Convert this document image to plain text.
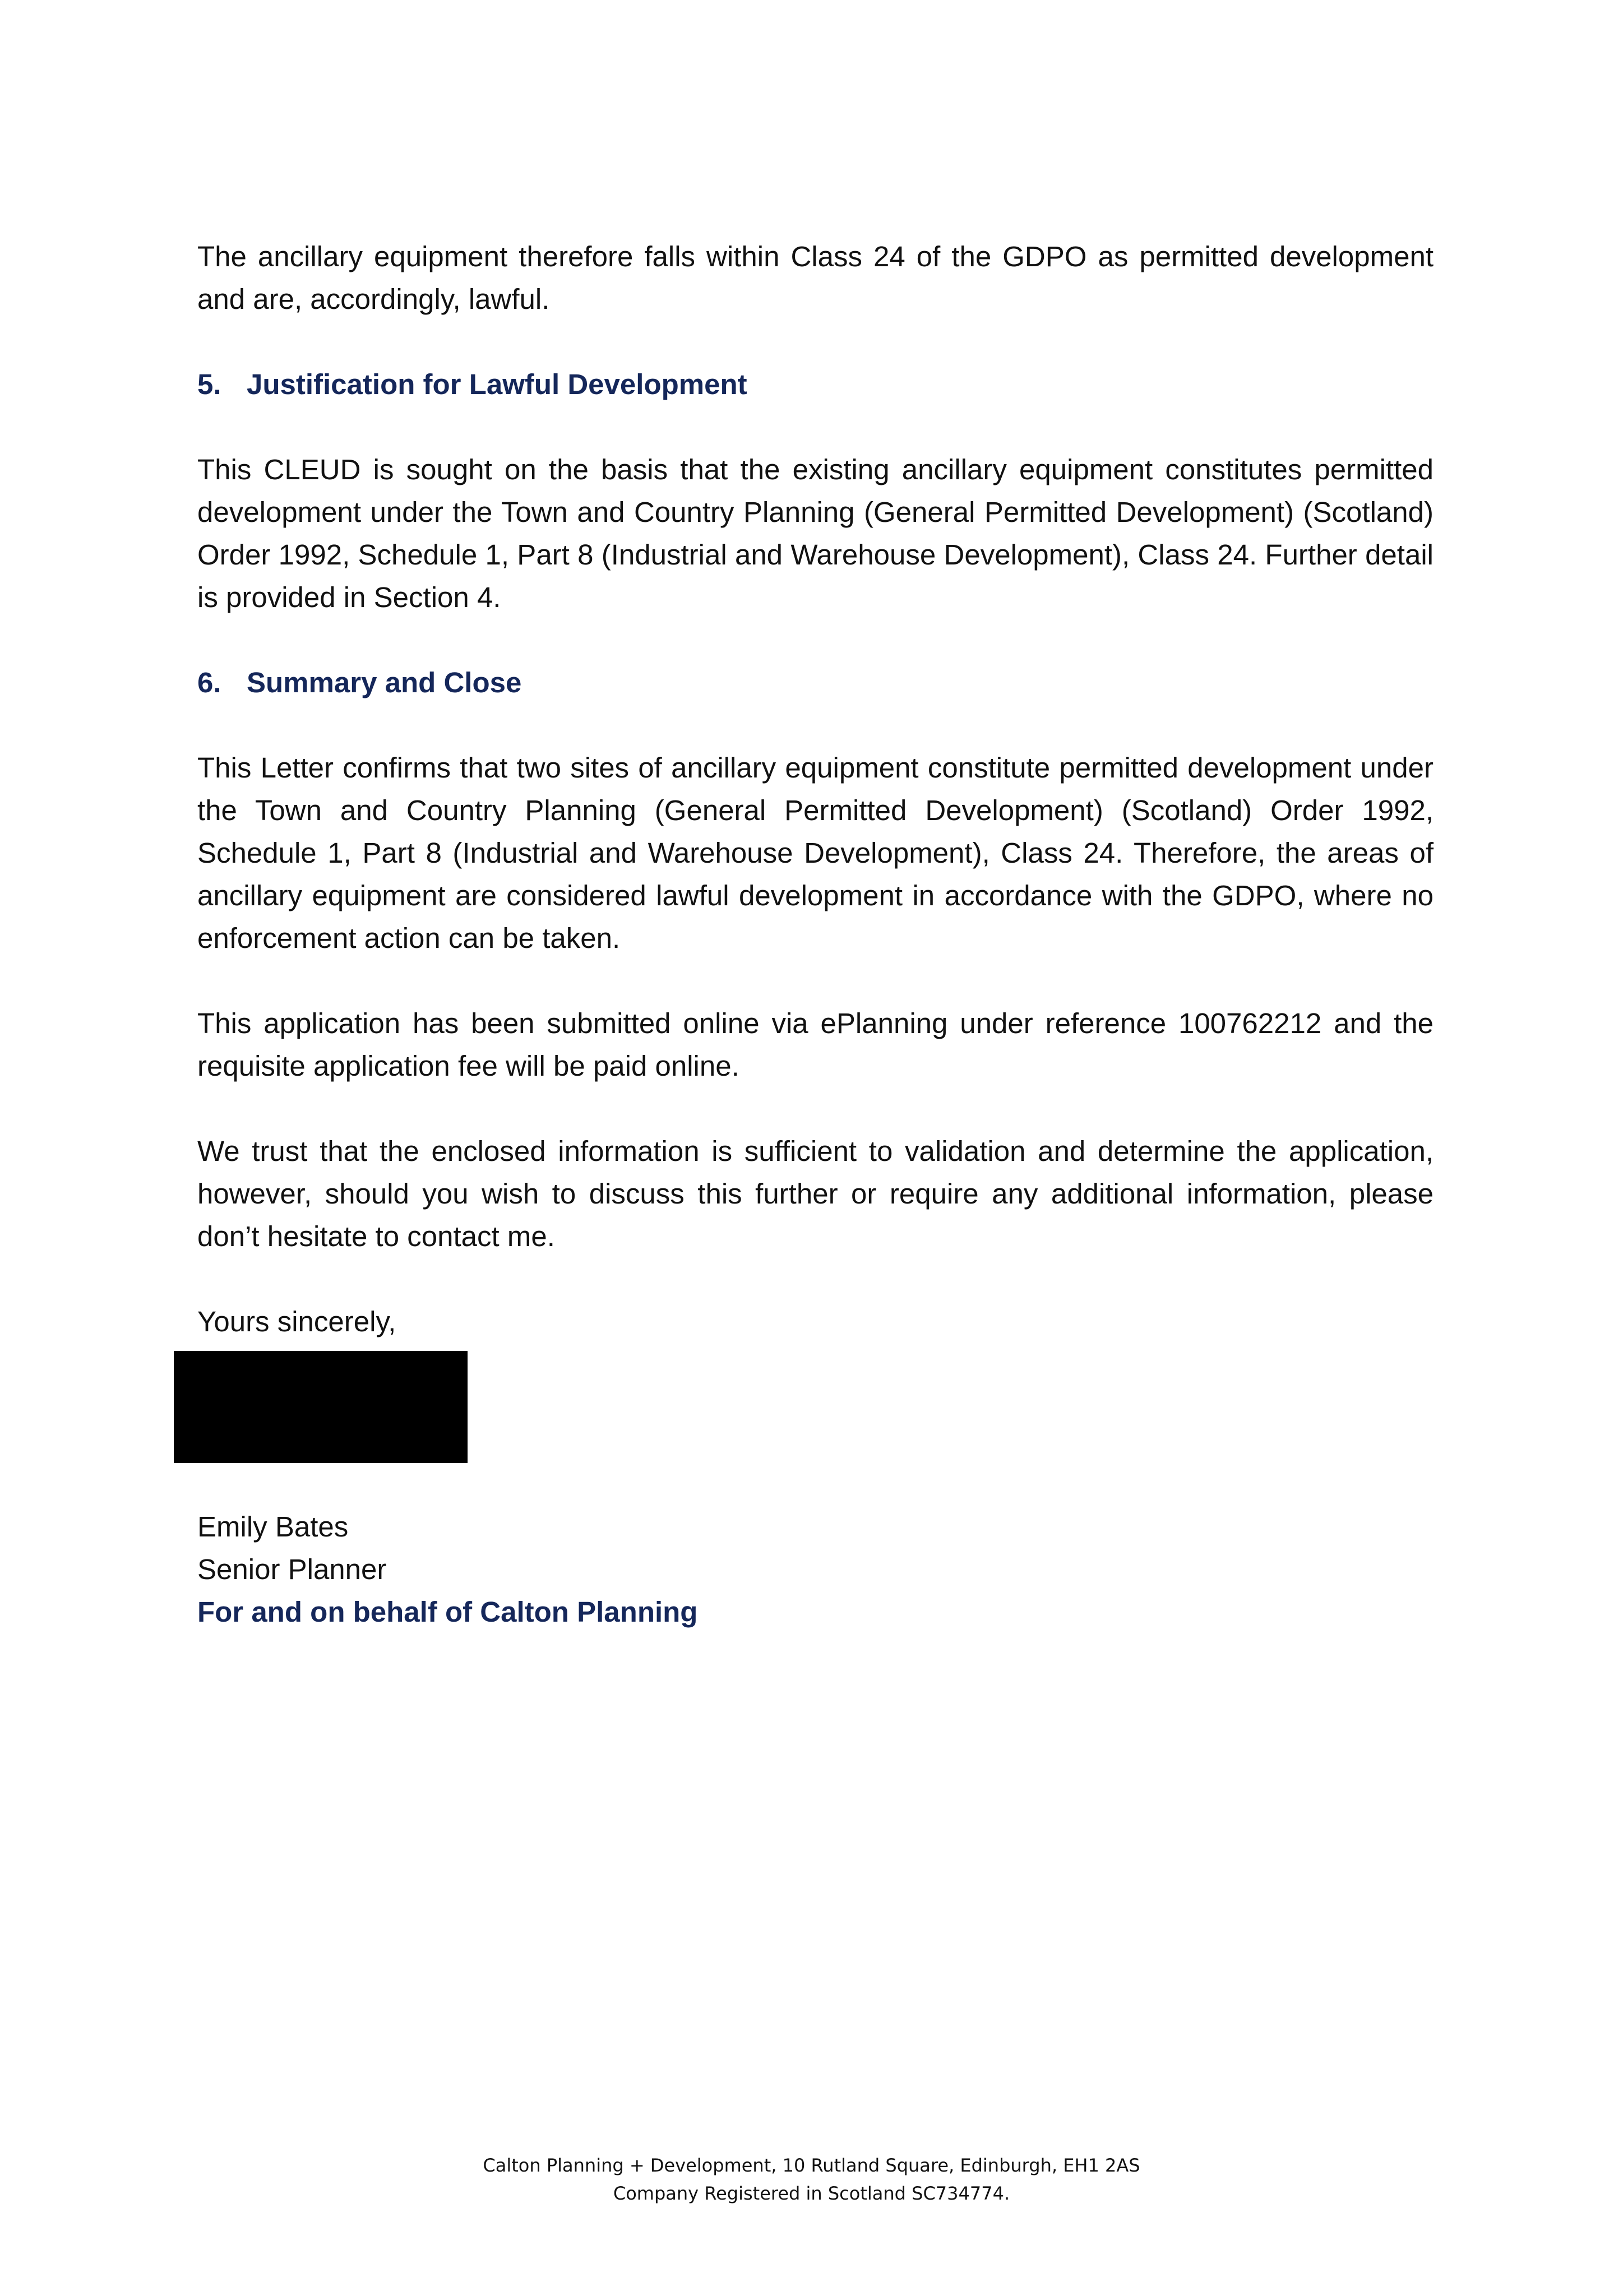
The ancillary equipment therefore falls within Class 24 of the GDPO as permitted development and are, accordingly, lawful.

5. Justification for Lawful Development

This CLEUD is sought on the basis that the existing ancillary equipment constitutes permitted development under the Town and Country Planning (General Permitted Development) (Scotland) Order 1992, Schedule 1, Part 8 (Industrial and Warehouse Development), Class 24. Further detail is provided in Section 4.

6. Summary and Close

This Letter confirms that two sites of ancillary equipment constitute permitted development under the Town and Country Planning (General Permitted Development) (Scotland) Order 1992, Schedule 1, Part 8 (Industrial and Warehouse Development), Class 24. Therefore, the areas of ancillary equipment are considered lawful development in accordance with the GDPO, where no enforcement action can be taken.

This application has been submitted online via ePlanning under reference 100762212 and the requisite application fee will be paid online.

We trust that the enclosed information is sufficient to validation and determine the application, however, should you wish to discuss this further or require any additional information, please don’t hesitate to contact me.

Yours sincerely,

Emily Bates
Senior Planner
For and on behalf of Calton Planning
Calton Planning + Development, 10 Rutland Square, Edinburgh, EH1 2AS
Company Registered in Scotland SC734774.
